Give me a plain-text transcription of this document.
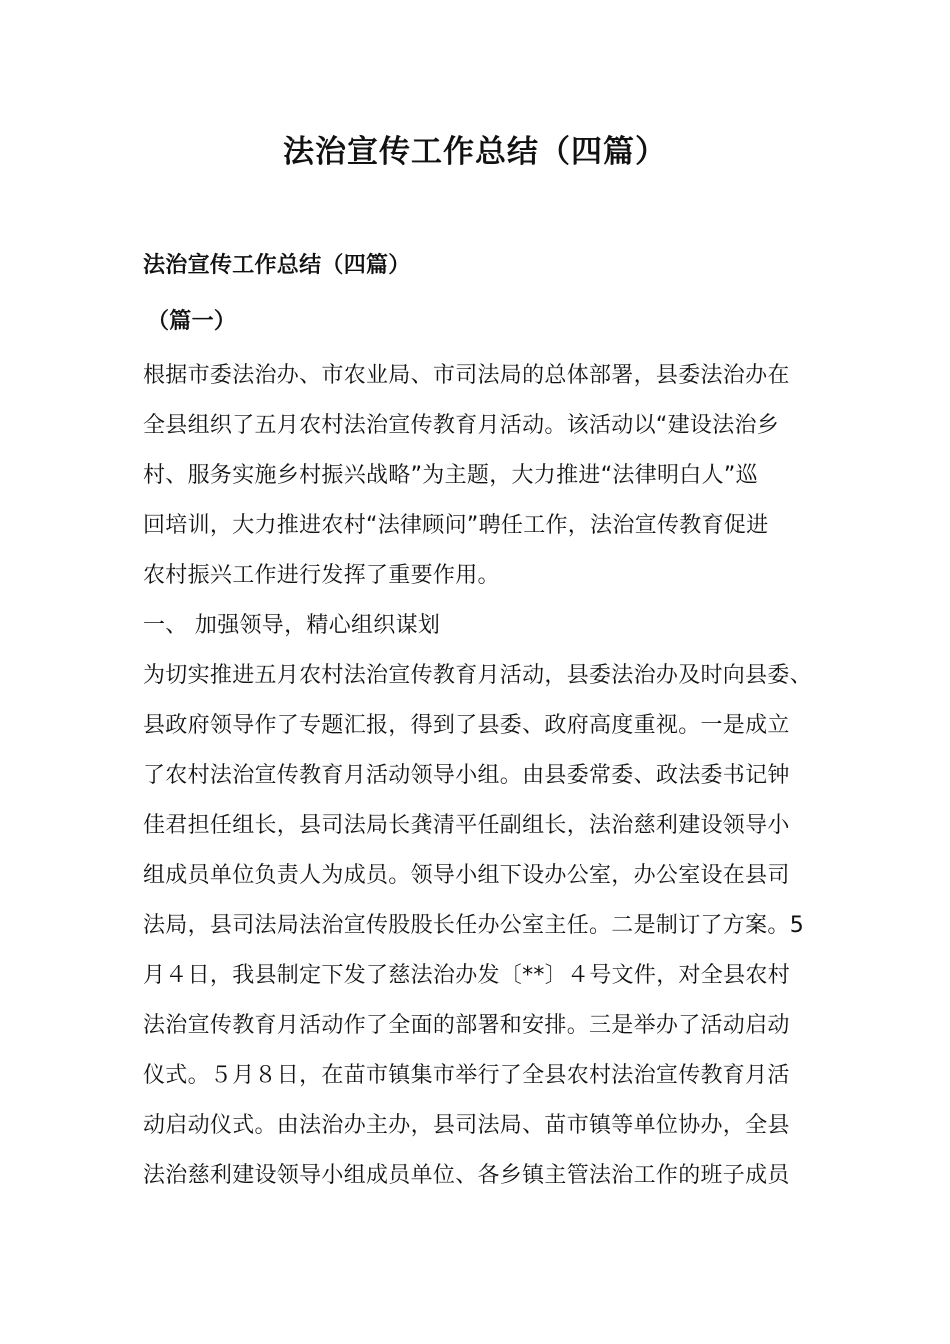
法治宣传工作总结（四篇）
法治宣传工作总结（四篇）
（篇一）
根据市委法治办、市农业局、市司法局的总体部署，县委法治办在
全县组织了五月农村法治宣传教育月活动。该活动以“建设法治乡
村、服务实施乡村振兴战略”为主题，大力推进“法律明白人”巡
回培训，大力推进农村“法律顾问”聘任工作，法治宣传教育促进
农村振兴工作进行发挥了重要作用。
一、 加强领导，精心组织谋划
为切实推进五月农村法治宣传教育月活动，县委法治办及时向县委、
县政府领导作了专题汇报，得到了县委、政府高度重视。一是成立
了农村法治宣传教育月活动领导小组。由县委常委、政法委书记钟
佳君担任组长，县司法局长龚清平任副组长，法治慈利建设领导小
组成员单位负责人为成员。领导小组下设办公室，办公室设在县司
法局，县司法局法治宣传股股长任办公室主任。二是制订了方案。5
月４日，我县制定下发了慈法治办发〔**〕４号文件，对全县农村
法治宣传教育月活动作了全面的部署和安排。三是举办了活动启动
仪式。５月８日，在苗市镇集市举行了全县农村法治宣传教育月活
动启动仪式。由法治办主办，县司法局、苗市镇等单位协办，全县
法治慈利建设领导小组成员单位、各乡镇主管法治工作的班子成员
